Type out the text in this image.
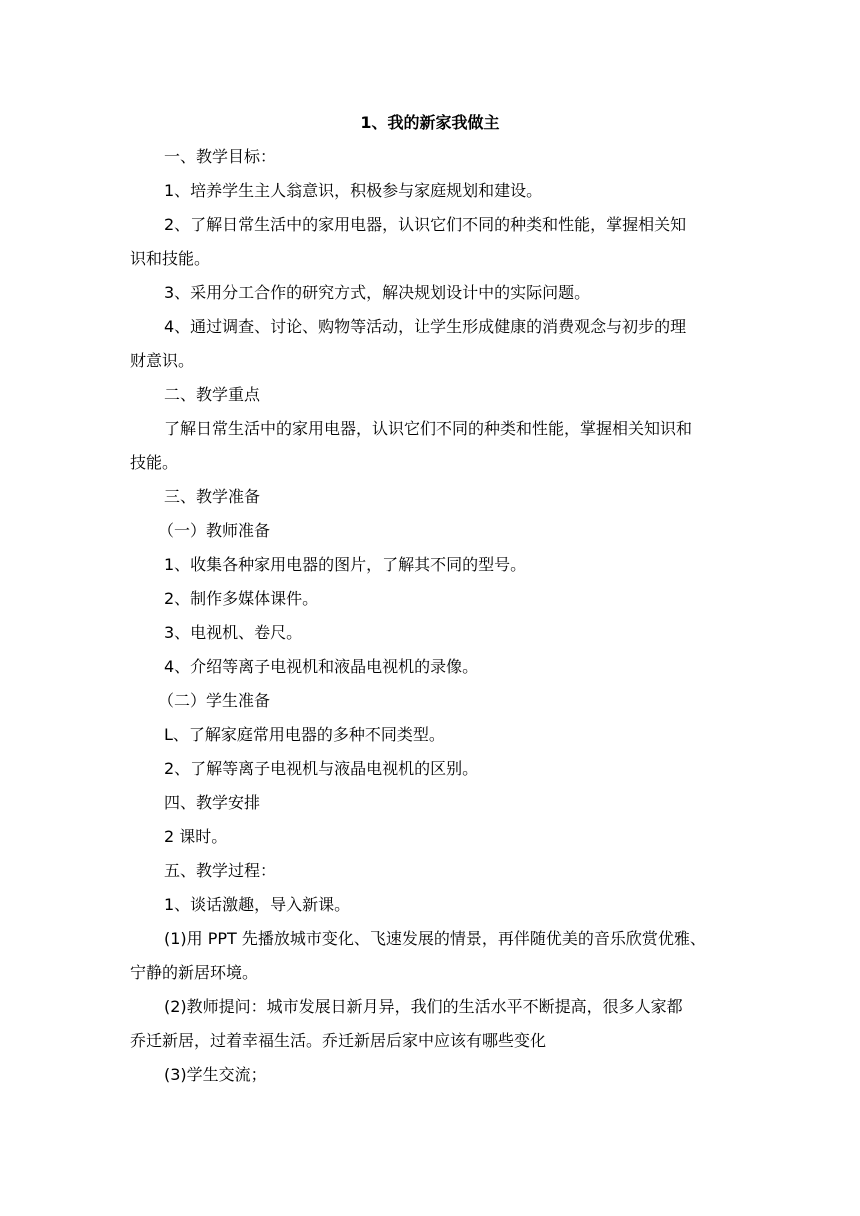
1、我的新家我做主
一、教学目标：
1、培养学生主人翁意识，积极参与家庭规划和建设。
2、了解日常生活中的家用电器，认识它们不同的种类和性能，掌握相关知
识和技能。
3、采用分工合作的研究方式，解决规划设计中的实际问题。
4、通过调查、讨论、购物等活动，让学生形成健康的消费观念与初步的理
财意识。
二、教学重点
了解日常生活中的家用电器，认识它们不同的种类和性能，掌握相关知识和
技能。
三、教学准备
（一）教师准备
1、收集各种家用电器的图片，了解其不同的型号。
2、制作多媒体课件。
3、电视机、卷尺。
4、介绍等离子电视机和液晶电视机的录像。
（二）学生准备
L、了解家庭常用电器的多种不同类型。
2、了解等离子电视机与液晶电视机的区别。
四、教学安排
2 课时。
五、教学过程：
1、谈话激趣，导入新课。
(1)用 PPT 先播放城市变化、飞速发展的情景，再伴随优美的音乐欣赏优雅、
宁静的新居环境。
(2)教师提问：城市发展日新月异，我们的生活水平不断提高，很多人家都
乔迁新居，过着幸福生活。乔迁新居后家中应该有哪些变化
(3)学生交流；
